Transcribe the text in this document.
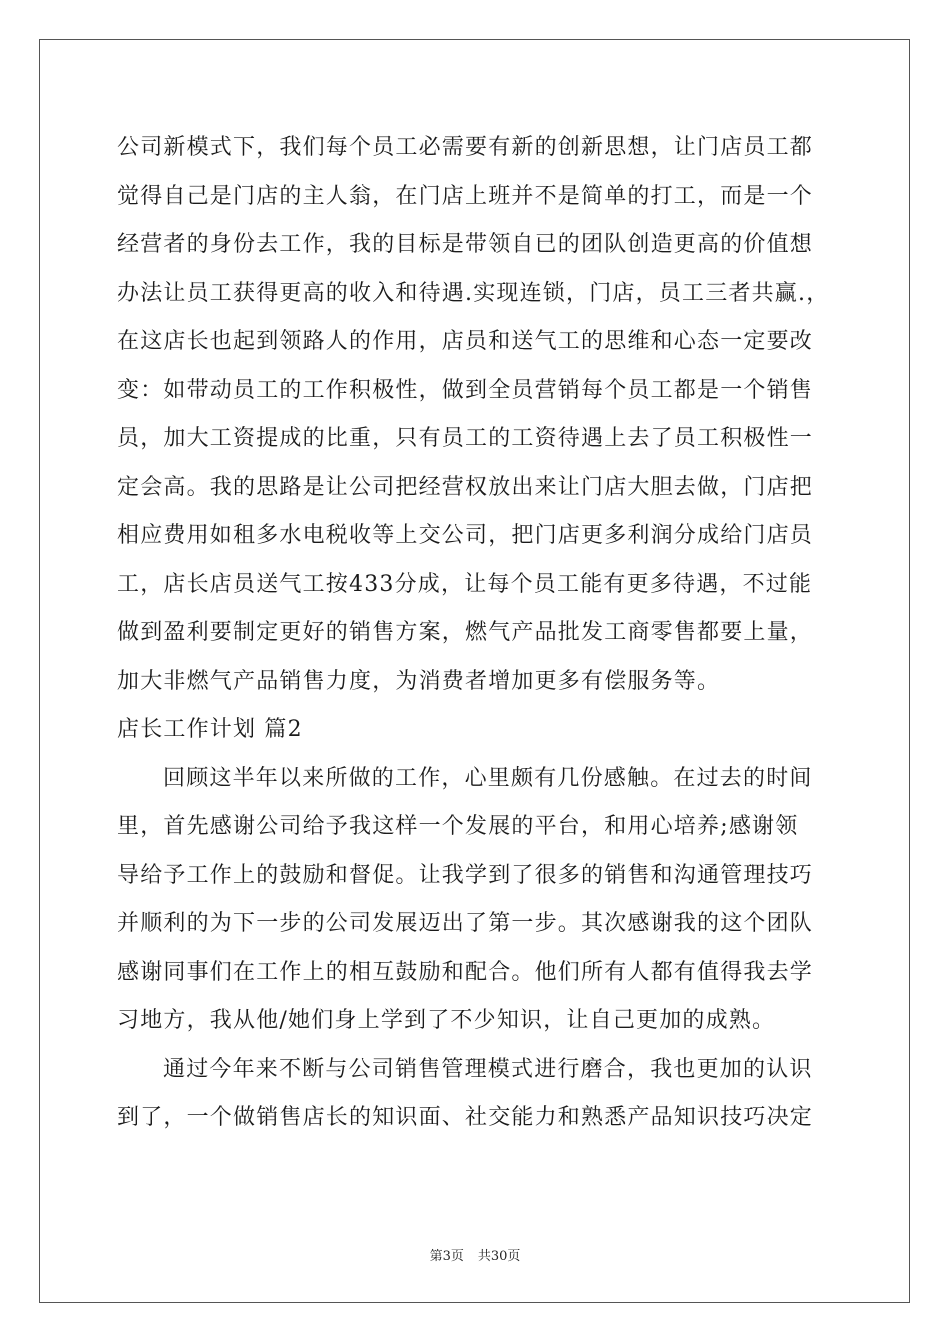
公司新模式下，我们每个员工必需要有新的创新思想，让门店员工都
觉得自己是门店的主人翁，在门店上班并不是简单的打工，而是一个
经营者的身份去工作，我的目标是带领自已的团队创造更高的价值想
办法让员工获得更高的收入和待遇.实现连锁，门店，员工三者共赢.，
在这店长也起到领路人的作用，店员和送气工的思维和心态一定要改
变：如带动员工的工作积极性，做到全员营销每个员工都是一个销售
员，加大工资提成的比重，只有员工的工资待遇上去了员工积极性一
定会高。我的思路是让公司把经营权放出来让门店大胆去做，门店把
相应费用如租多水电税收等上交公司，把门店更多利润分成给门店员
工，店长店员送气工按433分成，让每个员工能有更多待遇，不过能
做到盈利要制定更好的销售方案，燃气产品批发工商零售都要上量，
加大非燃气产品销售力度，为消费者增加更多有偿服务等。
店长工作计划 篇2
回顾这半年以来所做的工作，心里颇有几份感触。在过去的时间
里，首先感谢公司给予我这样一个发展的平台，和用心培养;感谢领
导给予工作上的鼓励和督促。让我学到了很多的销售和沟通管理技巧
并顺利的为下一步的公司发展迈出了第一步。其次感谢我的这个团队
感谢同事们在工作上的相互鼓励和配合。他们所有人都有值得我去学
习地方，我从他/她们身上学到了不少知识，让自己更加的成熟。
通过今年来不断与公司销售管理模式进行磨合，我也更加的认识
到了，一个做销售店长的知识面、社交能力和熟悉产品知识技巧决定
第3页 共30页
